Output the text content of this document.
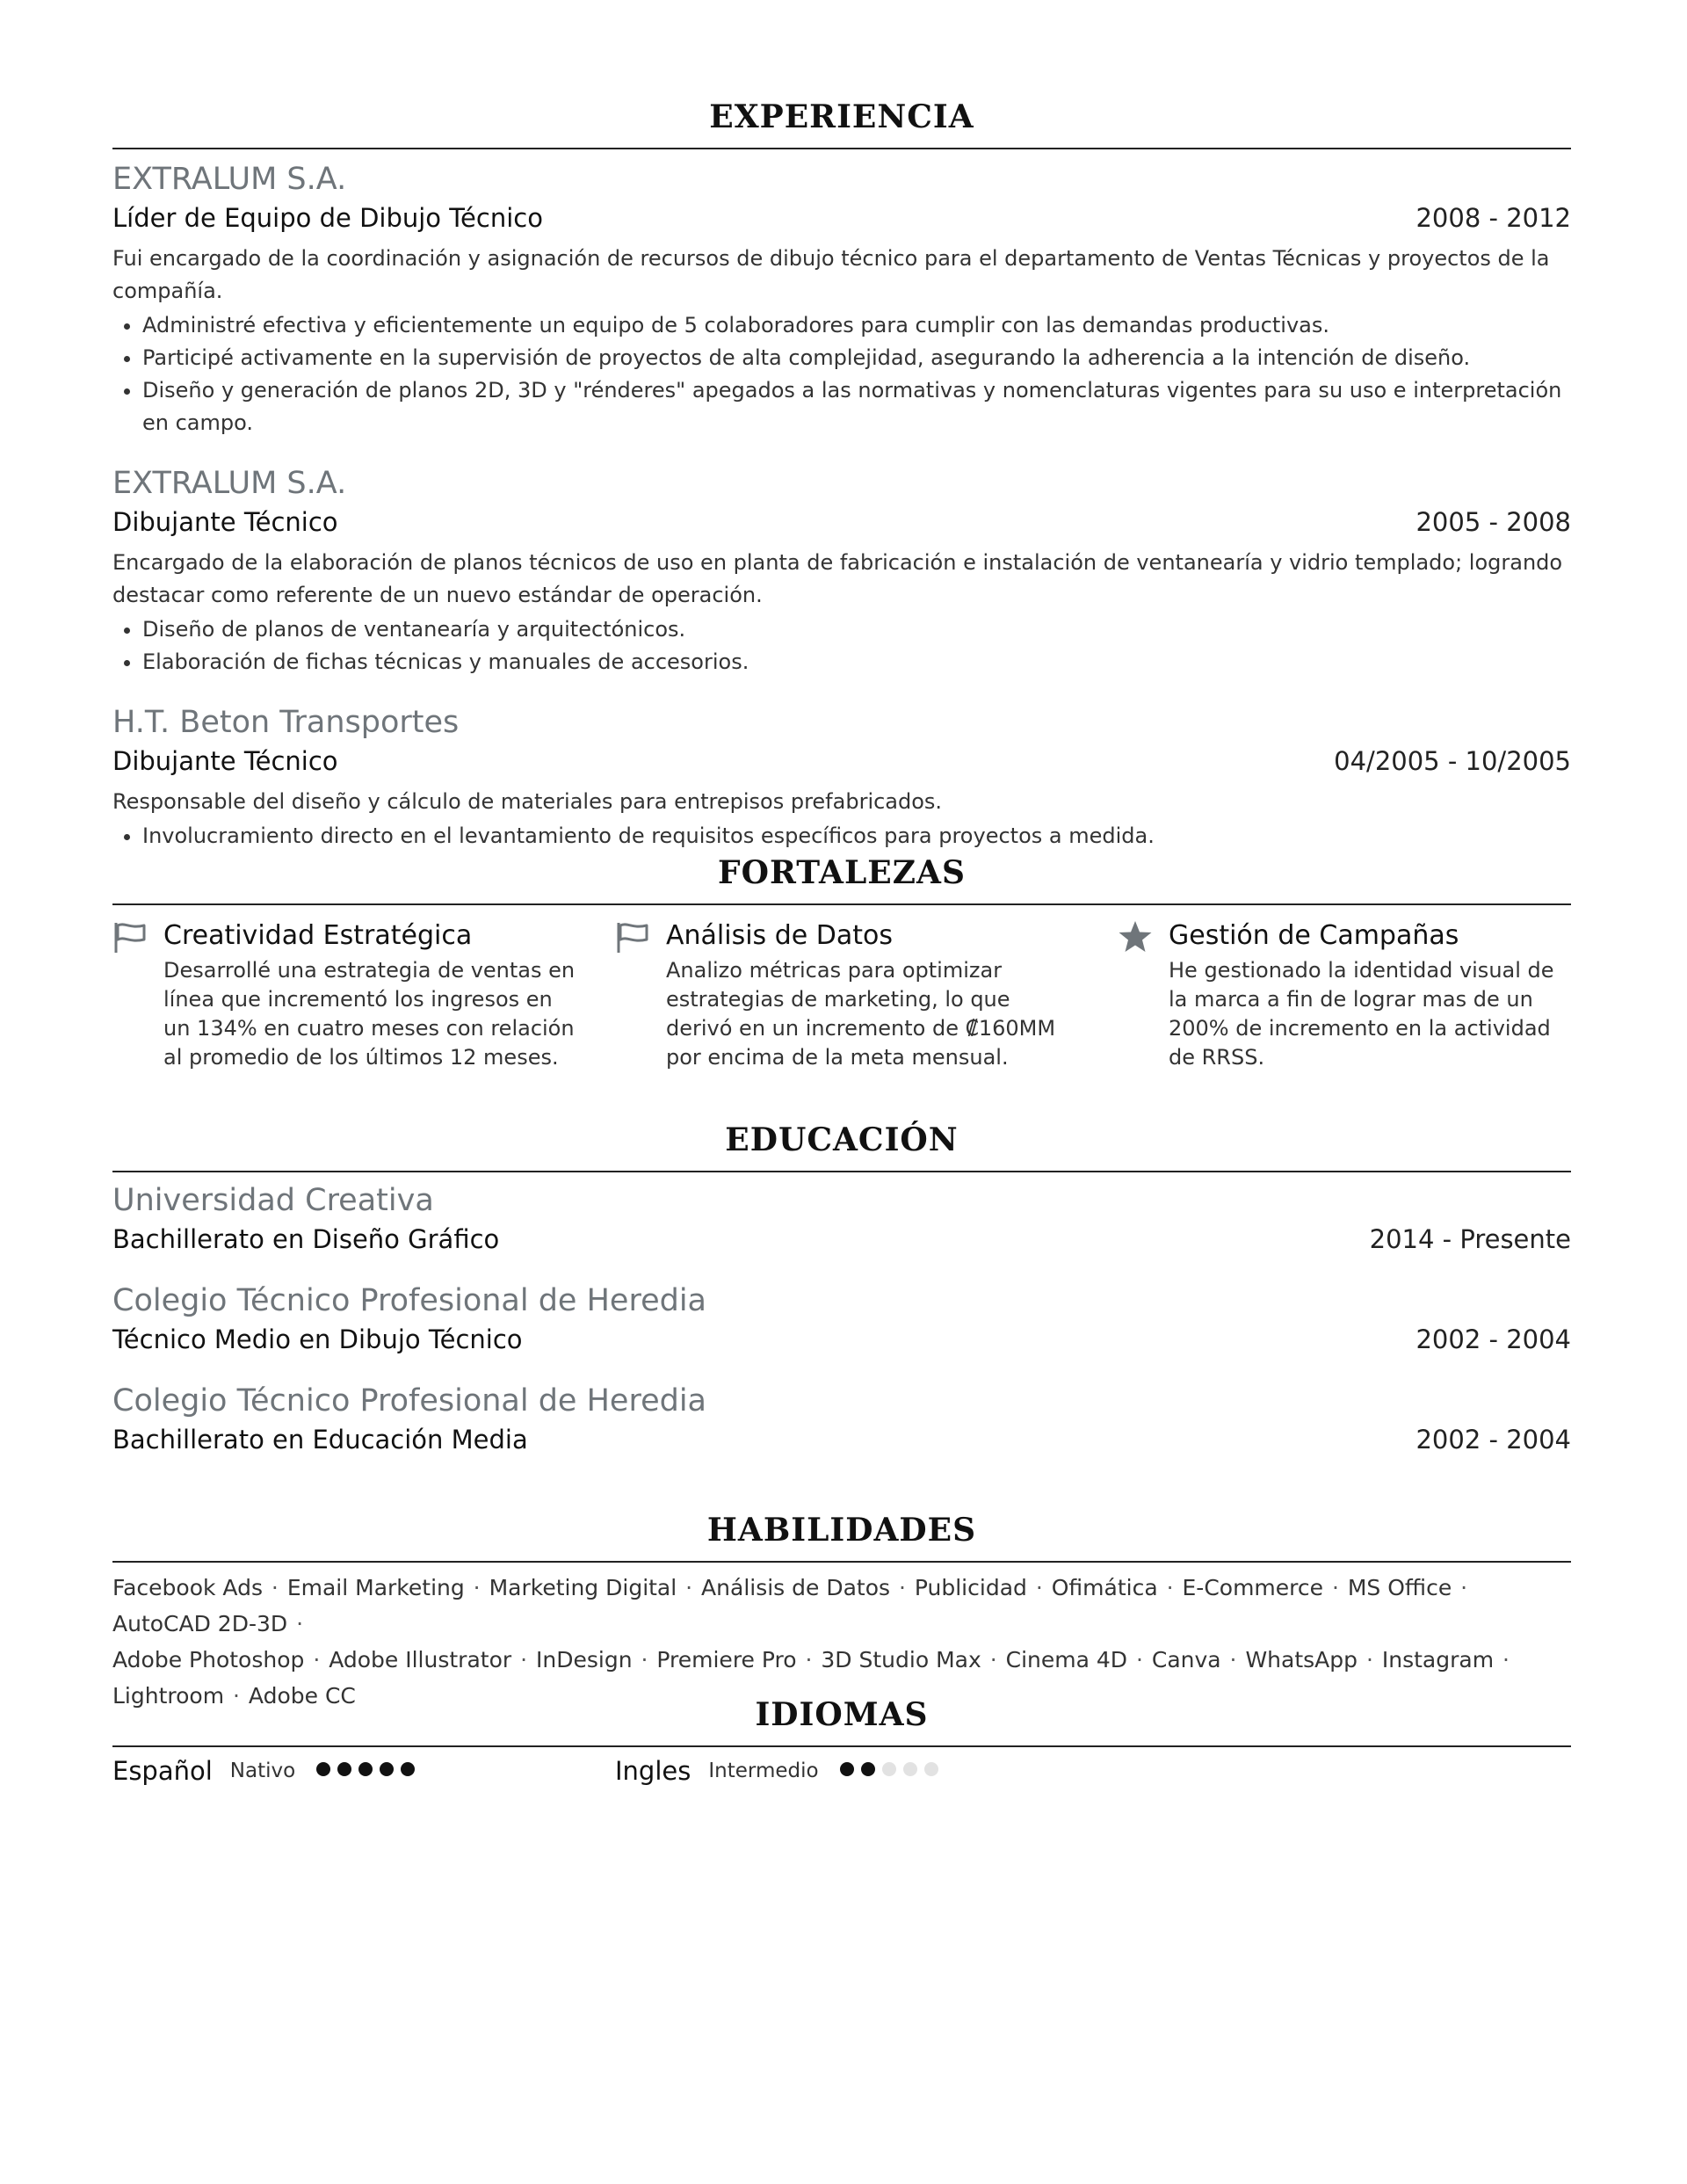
EXPERIENCIA
EXTRALUM S.A.
Líder de Equipo de Dibujo Técnico	2008 - 2012
Fui encargado de la coordinación y asignación de recursos de dibujo técnico para el departamento de Ventas Técnicas y proyectos de la compañía.
• Administré efectiva y eficientemente un equipo de 5 colaboradores para cumplir con las demandas productivas.
• Participé activamente en la supervisión de proyectos de alta complejidad, asegurando la adherencia a la intención de diseño.
• Diseño y generación de planos 2D, 3D y "rénderes" apegados a las normativas y nomenclaturas vigentes para su uso e interpretación en campo.
EXTRALUM S.A.
Dibujante Técnico	2005 - 2008
Encargado de la elaboración de planos técnicos de uso en planta de fabricación e instalación de ventanearía y vidrio templado; logrando destacar como referente de un nuevo estándar de operación.
• Diseño de planos de ventanearía y arquitectónicos.
• Elaboración de fichas técnicas y manuales de accesorios.
H.T. Beton Transportes
Dibujante Técnico	04/2005 - 10/2005
Responsable del diseño y cálculo de materiales para entrepisos prefabricados.
• Involucramiento directo en el levantamiento de requisitos específicos para proyectos a medida.
FORTALEZAS
Creatividad Estratégica
Desarrollé una estrategia de ventas en línea que incrementó los ingresos en un 134% en cuatro meses con relación al promedio de los últimos 12 meses.
Análisis de Datos
Analizo métricas para optimizar estrategias de marketing, lo que derivó en un incremento de ₡160MM por encima de la meta mensual.
Gestión de Campañas
He gestionado la identidad visual de la marca a fin de lograr mas de un 200% de incremento en la actividad de RRSS.
EDUCACIÓN
Universidad Creativa
Bachillerato en Diseño Gráfico	2014 - Presente
Colegio Técnico Profesional de Heredia
Técnico Medio en Dibujo Técnico	2002 - 2004
Colegio Técnico Profesional de Heredia
Bachillerato en Educación Media	2002 - 2004
HABILIDADES
Facebook Ads · Email Marketing · Marketing Digital · Análisis de Datos · Publicidad · Ofimática · E-Commerce · MS Office · AutoCAD 2D-3D ·
Adobe Photoshop · Adobe Illustrator · InDesign · Premiere Pro · 3D Studio Max · Cinema 4D · Canva · WhatsApp · Instagram · Lightroom · Adobe CC
IDIOMAS
Español Nativo	Ingles Intermedio
